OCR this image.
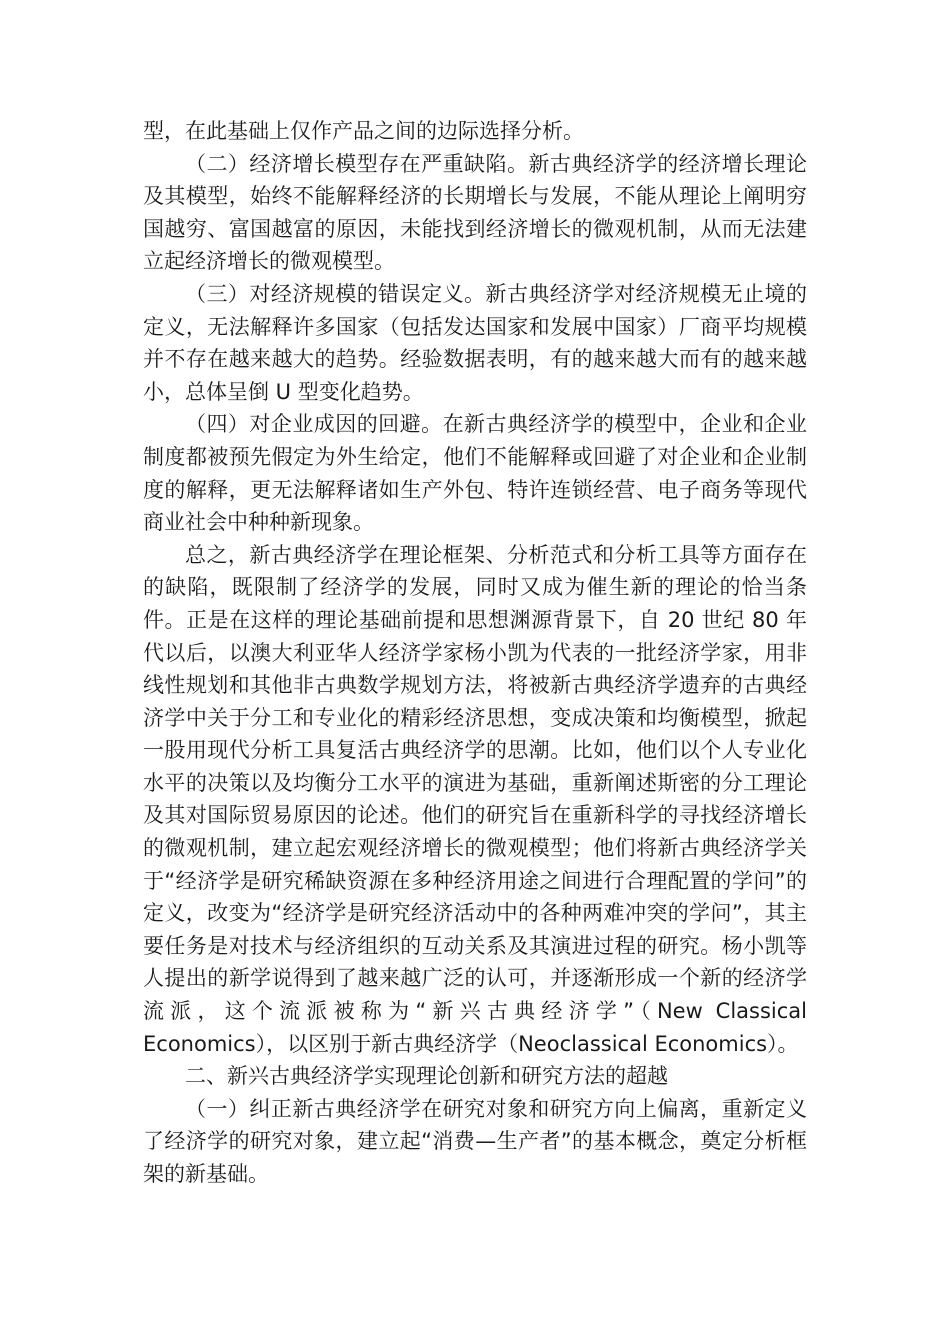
型，在此基础上仅作产品之间的边际选择分析。

（二）经济增长模型存在严重缺陷。新古典经济学的经济增长理论及其模型，始终不能解释经济的长期增长与发展，不能从理论上阐明穷国越穷、富国越富的原因，未能找到经济增长的微观机制，从而无法建立起经济增长的微观模型。

（三）对经济规模的错误定义。新古典经济学对经济规模无止境的定义，无法解释许多国家（包括发达国家和发展中国家）厂商平均规模并不存在越来越大的趋势。经验数据表明，有的越来越大而有的越来越小，总体呈倒 U 型变化趋势。

（四）对企业成因的回避。在新古典经济学的模型中，企业和企业制度都被预先假定为外生给定，他们不能解释或回避了对企业和企业制度的解释，更无法解释诸如生产外包、特许连锁经营、电子商务等现代商业社会中种种新现象。

总之，新古典经济学在理论框架、分析范式和分析工具等方面存在的缺陷，既限制了经济学的发展，同时又成为催生新的理论的恰当条件。正是在这样的理论基础前提和思想渊源背景下，自 20 世纪 80 年代以后，以澳大利亚华人经济学家杨小凯为代表的一批经济学家，用非线性规划和其他非古典数学规划方法，将被新古典经济学遗弃的古典经济学中关于分工和专业化的精彩经济思想，变成决策和均衡模型，掀起一股用现代分析工具复活古典经济学的思潮。比如，他们以个人专业化水平的决策以及均衡分工水平的演进为基础，重新阐述斯密的分工理论及其对国际贸易原因的论述。他们的研究旨在重新科学的寻找经济增长的微观机制，建立起宏观经济增长的微观模型；他们将新古典经济学关于“经济学是研究稀缺资源在多种经济用途之间进行合理配置的学问”的定义，改变为“经济学是研究经济活动中的各种两难冲突的学问”，其主要任务是对技术与经济组织的互动关系及其演进过程的研究。杨小凯等人提出的新学说得到了越来越广泛的认可，并逐渐形成一个新的经济学流派，这个流派被称为“新兴古典经济学”（New Classical Economics），以区别于新古典经济学（Neoclassical Economics）。

二、新兴古典经济学实现理论创新和研究方法的超越

（一）纠正新古典经济学在研究对象和研究方向上偏离，重新定义了经济学的研究对象，建立起“消费—生产者”的基本概念，奠定分析框架的新基础。
